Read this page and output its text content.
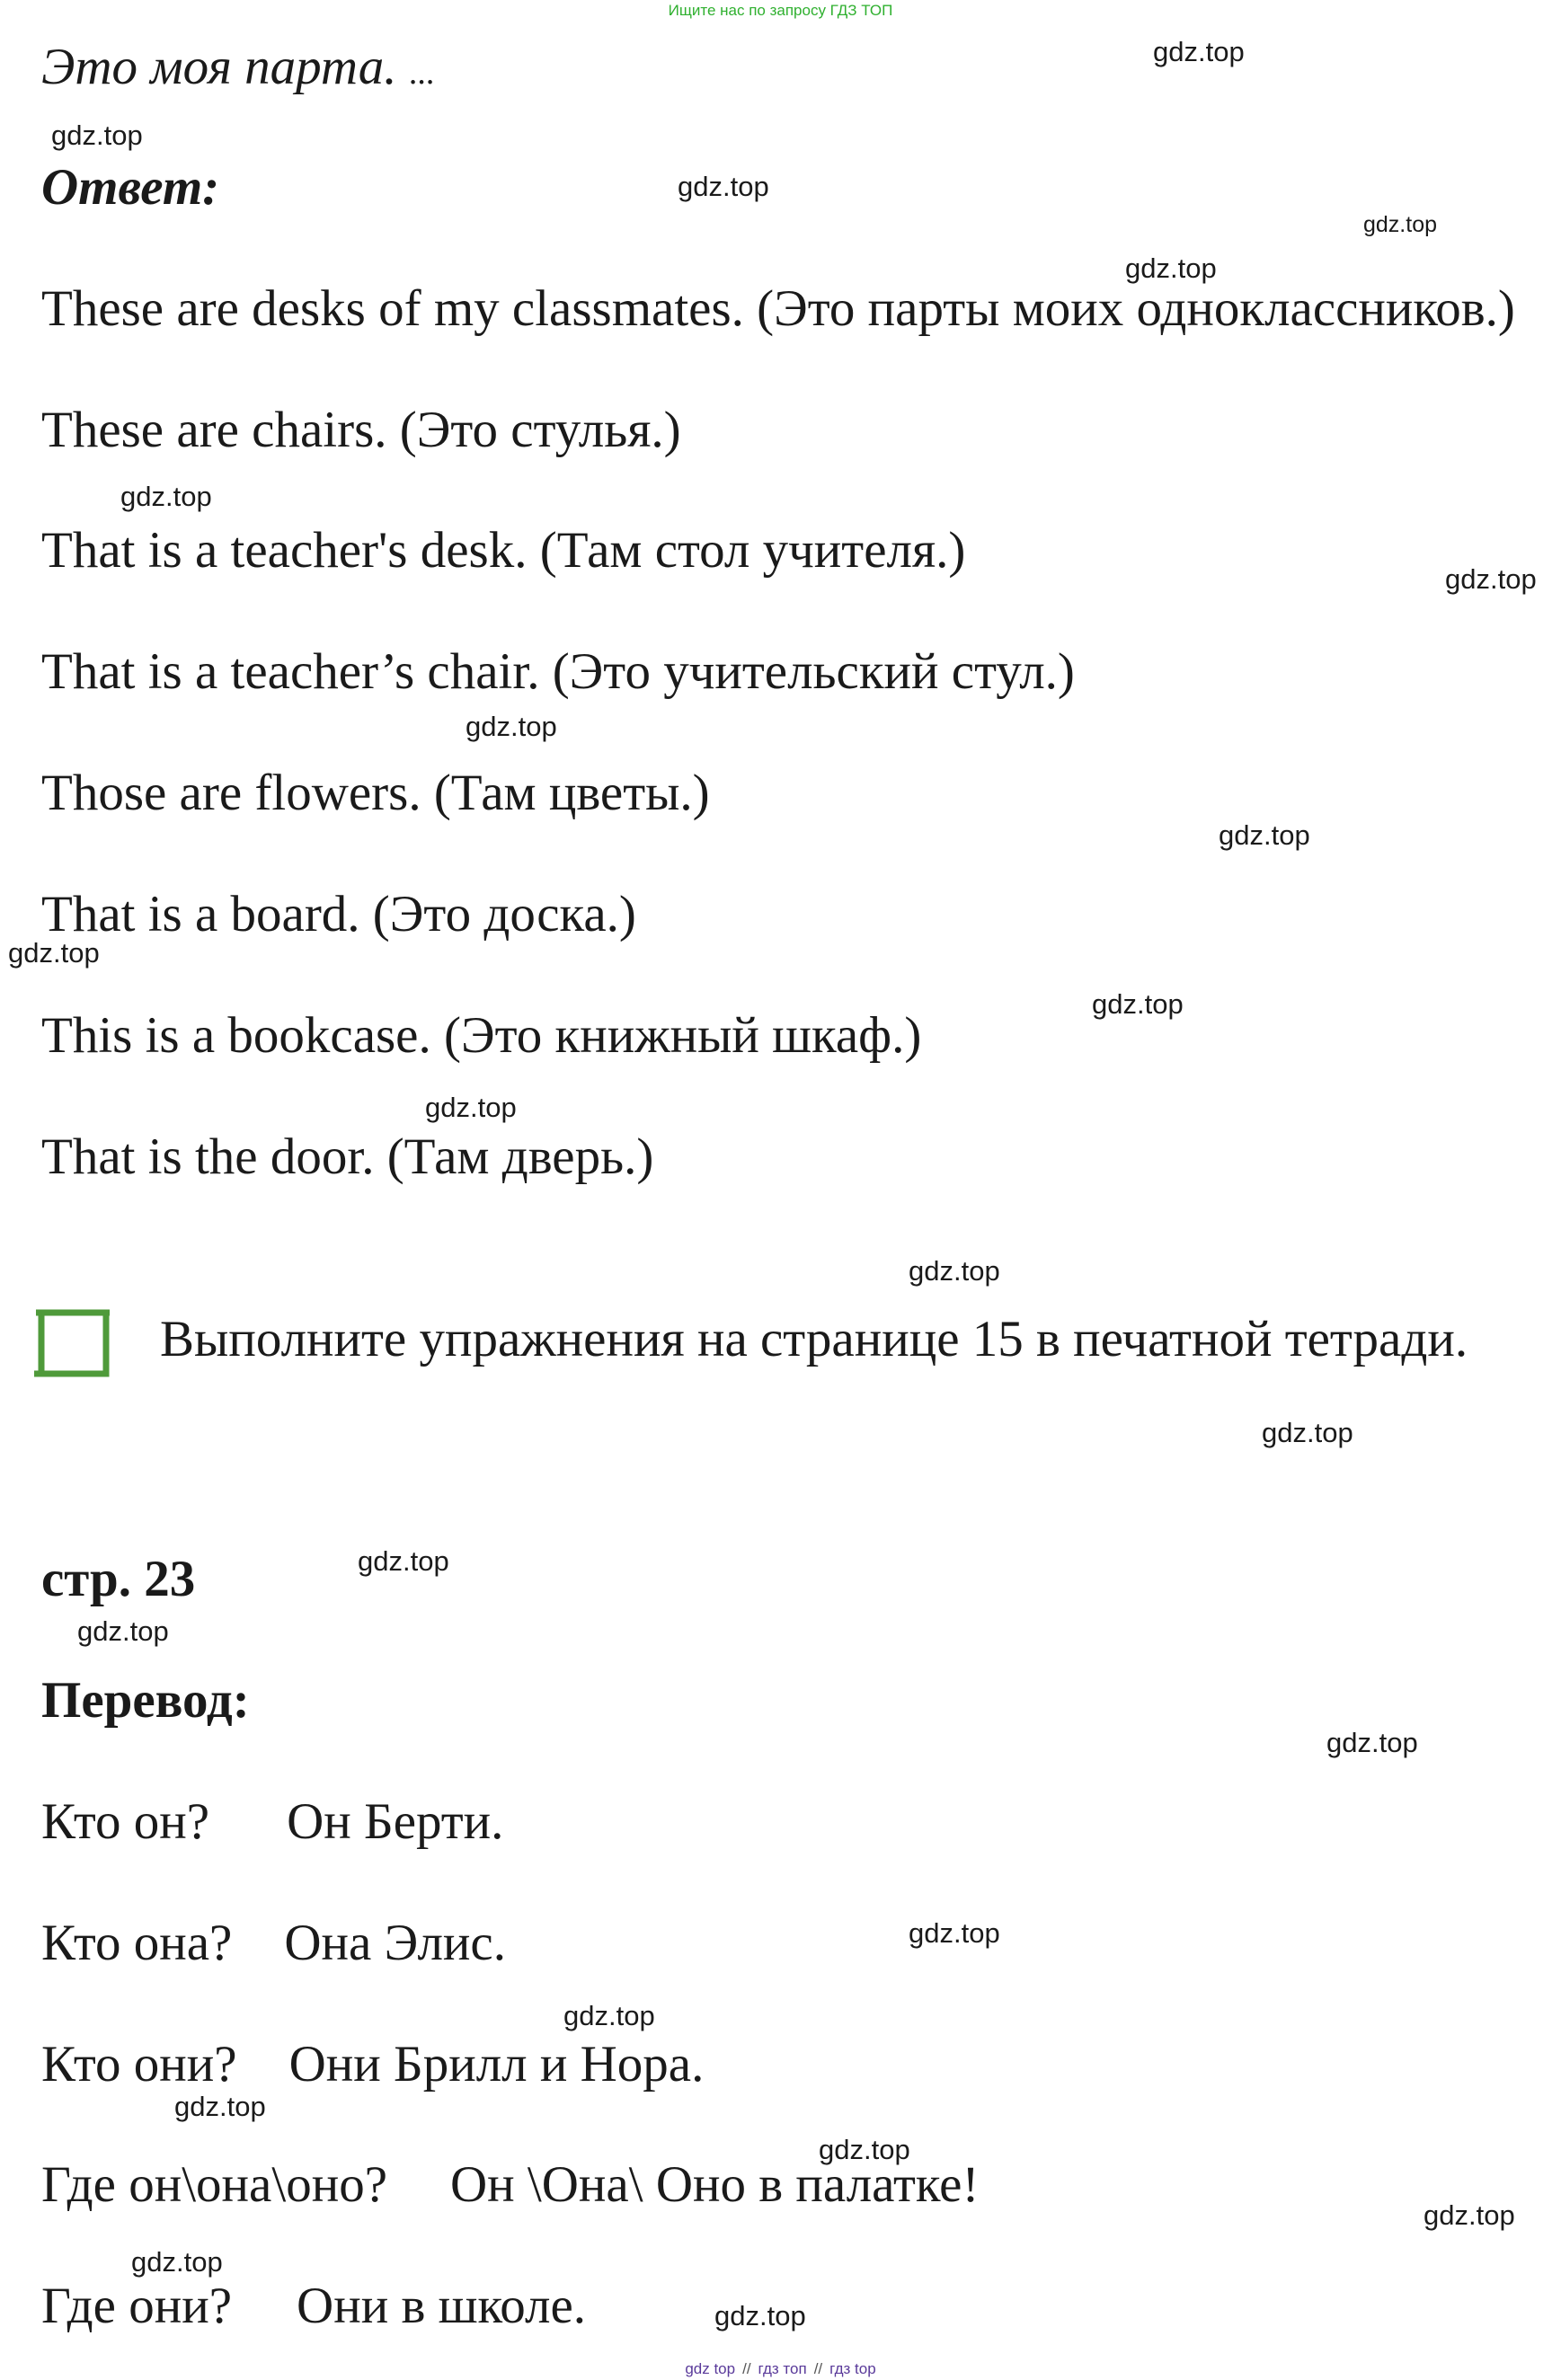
Ищите нас по запросу ГДЗ ТОП
Это моя парта. ...
Ответ:
These are desks of my classmates. (Это парты моих одноклассников.)
These are chairs. (Это стулья.)
That is a teacher's desk. (Там стол учителя.)
That is a teacher’s chair. (Это учительский стул.)
Those are flowers. (Там цветы.)
That is a board. (Это доска.)
This is a bookcase. (Это книжный шкаф.)
That is the door. (Там дверь.)
Выполните упражнения на странице 15 в печатной тетради.
стр. 23
Перевод:
Кто он? Он Берти.
Кто она? Она Элис.
Кто они? Они Брилл и Нора.
Где он\она\оно? Он \Она\ Оно в палатке!
Где они? Они в школе.
gdz.top
gdz.top
gdz.top
gdz.top
gdz.top
gdz.top
gdz.top
gdz.top
gdz.top
gdz.top
gdz.top
gdz.top
gdz.top
gdz.top
gdz.top
gdz.top
gdz.top
gdz.top
gdz.top
gdz.top
gdz.top
gdz.top
gdz.top
gdz.top
gdz top // гдз топ // гдз top
